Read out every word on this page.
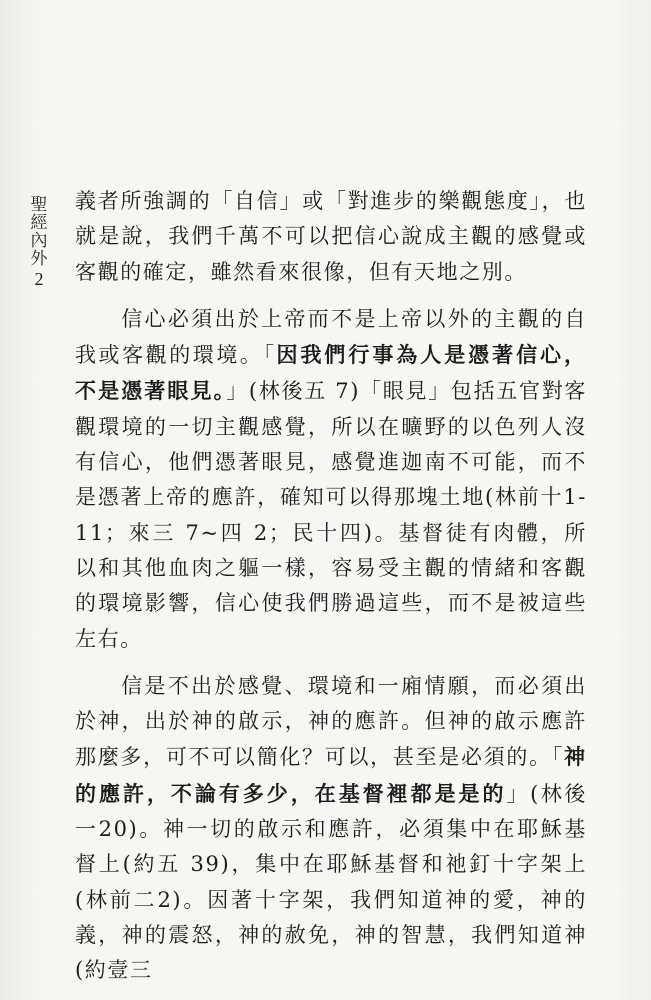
聖
經
內
外
2

義者所強調的「自信」或「對進步的樂觀態度」，也就是說，我們千萬不可以把信心說成主觀的感覺或客觀的確定，雖然看來很像，但有天地之別。

信心必須出於上帝而不是上帝以外的主觀的自我或客觀的環境。「因我們行事為人是憑著信心，不是憑著眼見。」(林後五 7)「眼見」包括五官對客觀環境的一切主觀感覺，所以在曠野的以色列人沒有信心，他們憑著眼見，感覺進迦南不可能，而不是憑著上帝的應許，確知可以得那塊土地(林前十1-11；來三 7~四 2；民十四)。基督徒有肉體，所以和其他血肉之軀一樣，容易受主觀的情緒和客觀的環境影響，信心使我們勝過這些，而不是被這些左右。

信是不出於感覺、環境和一廂情願，而必須出於神，出於神的啟示，神的應許。但神的啟示應許那麼多，可不可以簡化？可以，甚至是必須的。「神的應許，不論有多少，在基督裡都是是的」(林後一20)。神一切的啟示和應許，必須集中在耶穌基督上(約五 39)，集中在耶穌基督和祂釘十字架上(林前二2)。因著十字架，我們知道神的愛，神的義，神的震怒，神的赦免，神的智慧，我們知道神(約壹三
